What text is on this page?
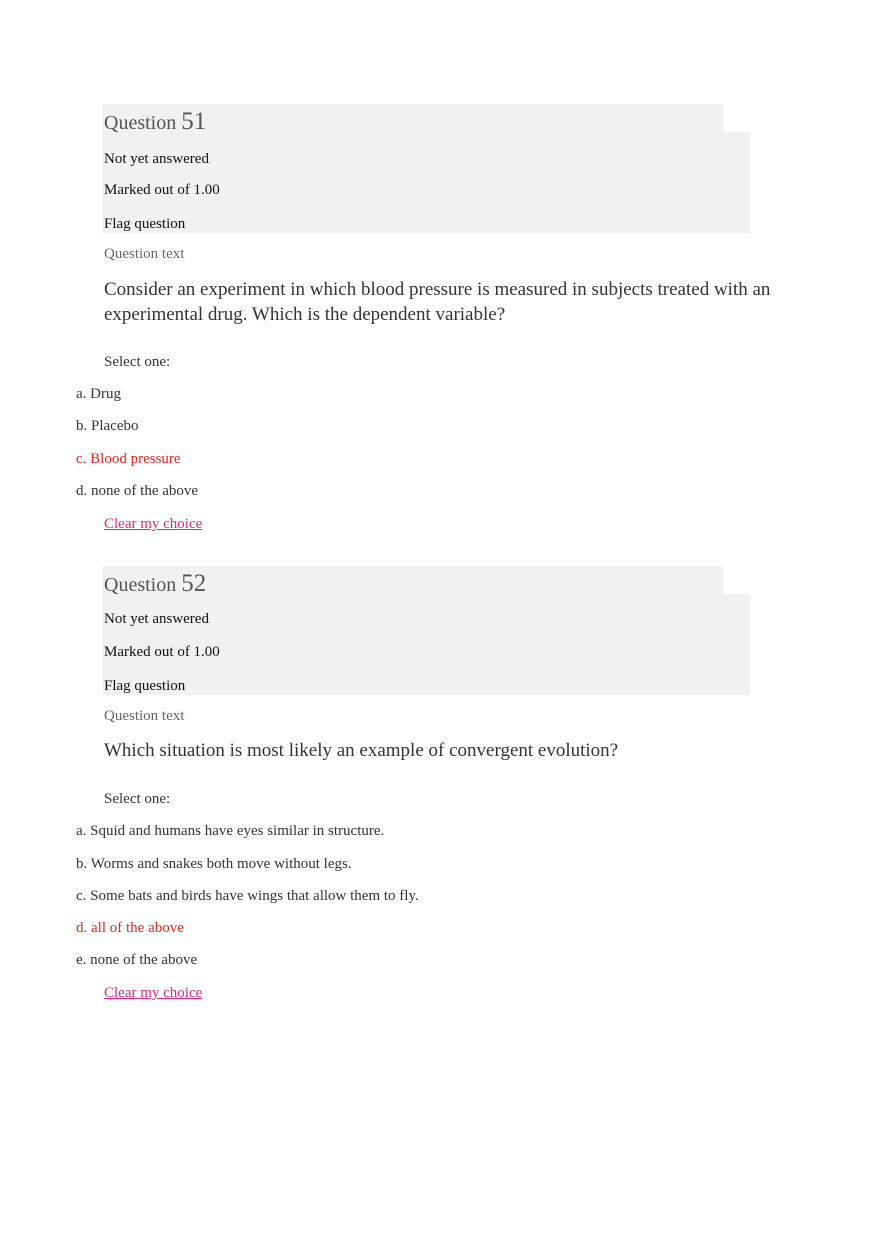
Question 51
Not yet answered
Marked out of 1.00
Flag question
Question text
Consider an experiment in which blood pressure is measured in subjects treated with an experimental drug. Which is the dependent variable?
Select one:
a. Drug
b. Placebo
c. Blood pressure
d. none of the above
Clear my choice
Question 52
Not yet answered
Marked out of 1.00
Flag question
Question text
Which situation is most likely an example of convergent evolution?
Select one:
a. Squid and humans have eyes similar in structure.
b. Worms and snakes both move without legs.
c. Some bats and birds have wings that allow them to fly.
d. all of the above
e. none of the above
Clear my choice
